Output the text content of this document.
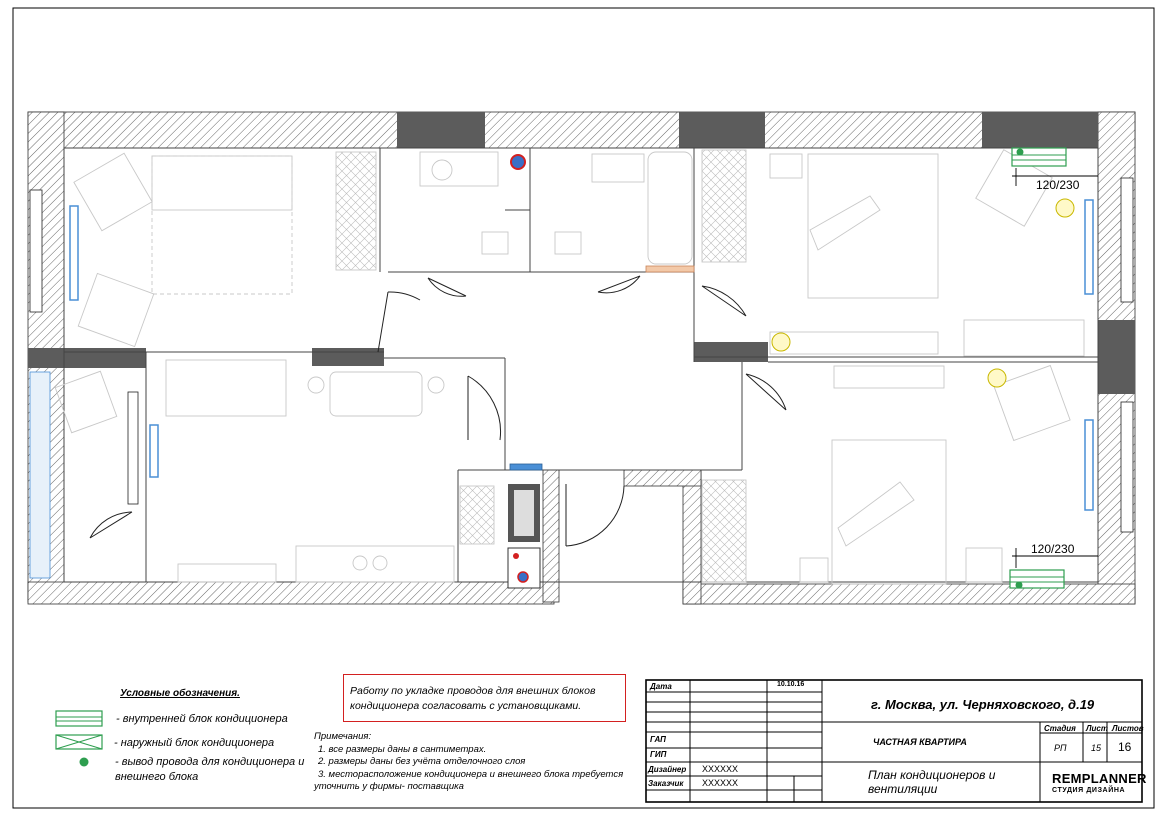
120/230
120/230
Условные обозначения.
- внутренней блок кондиционера
- наружный блок кондиционера
- вывод провода для кондиционера и
внешнего блока
Работу по укладке проводов для внешних блоков
кондиционера согласовать с установщиками.
Примечания:
1. все размеры даны в сантиметрах.
2. размеры даны без учёта отделочного слоя
3. месторасположение кондиционера и внешнего блока требуется
уточнить у фирмы- поставщика
Дата	10.10.16
ГАП
ГИП
Дизайнер XXXXXX
Заказчик XXXXXX
г. Москва, ул. Черняховского, д.19
Стадия Лист Листов
РП	15 16
ЧАСТНАЯ КВАРТИРА
План кондиционеров и
вентиляции
REMPLANNER
СТУДИЯ ДИЗАЙНА
